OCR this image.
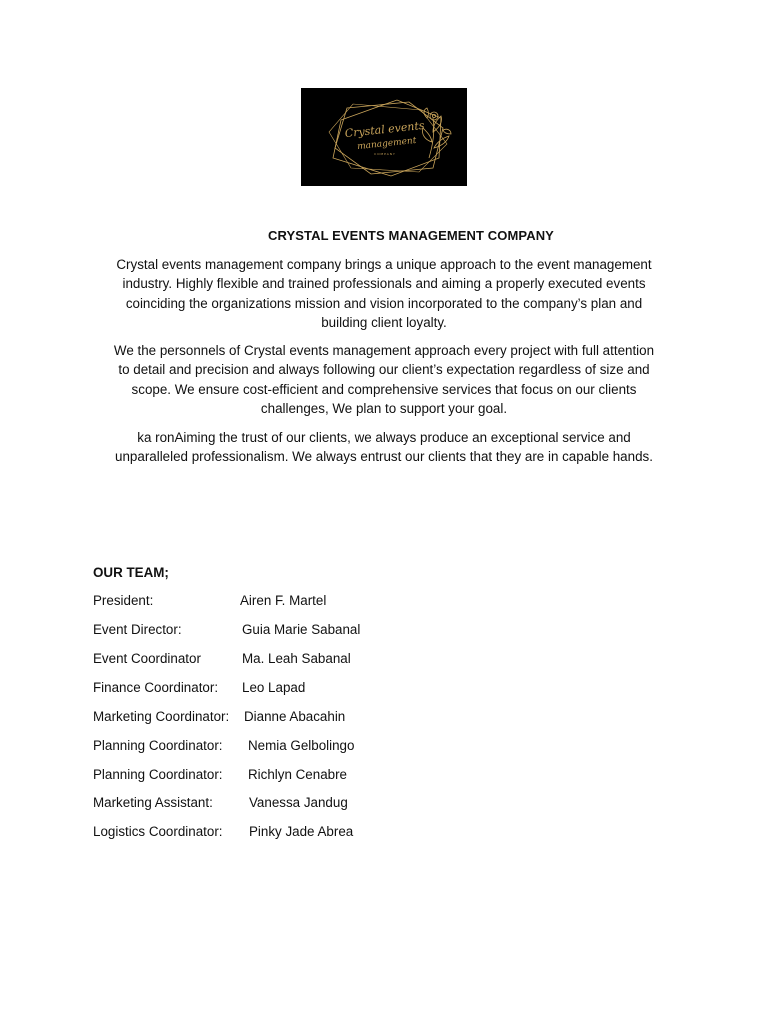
Crystal events
management
COMPANY
CRYSTAL EVENTS MANAGEMENT COMPANY
Crystal events management company brings a unique approach to the event management
industry. Highly flexible and trained professionals and aiming a properly executed events
coinciding the organizations mission and vision incorporated to the company’s plan and
building client loyalty.
We the personnels of Crystal events management approach every project with full attention
to detail and precision and always following our client’s expectation regardless of size and
scope. We ensure cost-efficient and comprehensive services that focus on our clients
challenges, We plan to support your goal.
ka ronAiming the trust of our clients, we always produce an exceptional service and
unparalleled professionalism. We always entrust our clients that they are in capable hands.
OUR TEAM;
President:	Airen F. Martel
Event Director:	Guia Marie Sabanal
Event Coordinator	Ma. Leah Sabanal
Finance Coordinator: Leo Lapad
Marketing Coordinator: Dianne Abacahin
Planning Coordinator: Nemia Gelbolingo
Planning Coordinator: Richlyn Cenabre
Marketing Assistant:	Vanessa Jandug
Logistics Coordinator: Pinky Jade Abrea
